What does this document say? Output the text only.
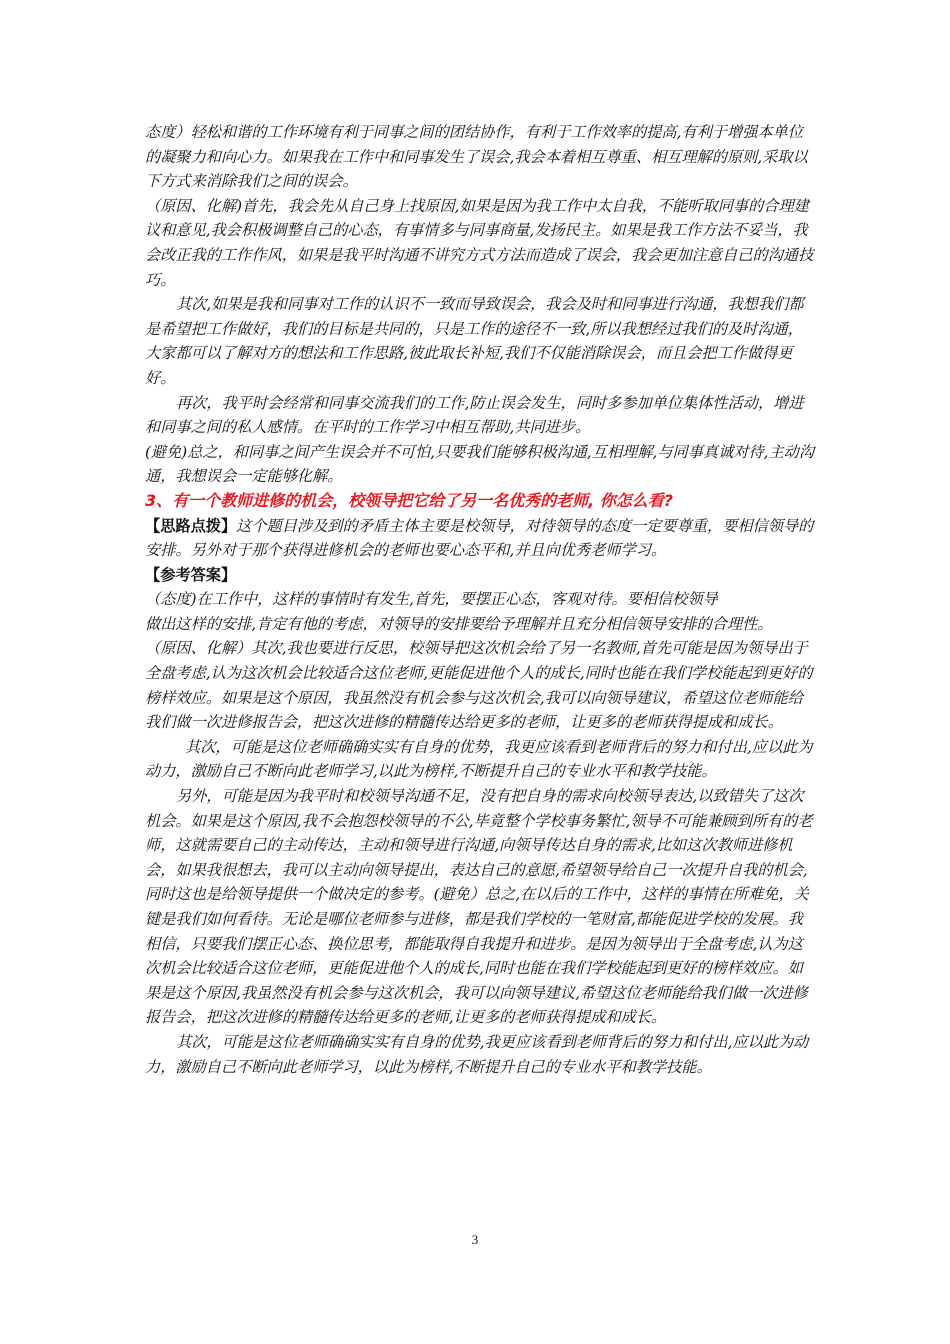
态度）轻松和谐的工作环境有利于同事之间的团结协作，有利于工作效率的提高,有利于增强本单位的凝聚力和向心力。如果我在工作中和同事发生了误会,我会本着相互尊重、相互理解的原则,采取以下方式来消除我们之间的误会。

（原因、化解)首先，我会先从自己身上找原因,如果是因为我工作中太自我，不能听取同事的合理建议和意见,我会积极调整自己的心态，有事情多与同事商量,发扬民主。如果是我工作方法不妥当，我会改正我的工作作风，如果是我平时沟通不讲究方式方法而造成了误会，我会更加注意自己的沟通技巧。

其次,如果是我和同事对工作的认识不一致而导致误会，我会及时和同事进行沟通，我想我们都是希望把工作做好，我们的目标是共同的，只是工作的途径不一致,所以我想经过我们的及时沟通，大家都可以了解对方的想法和工作思路,彼此取长补短,我们不仅能消除误会，而且会把工作做得更好。

再次，我平时会经常和同事交流我们的工作,防止误会发生，同时多参加单位集体性活动，增进和同事之间的私人感情。在平时的工作学习中相互帮助,共同进步。

(避免)总之，和同事之间产生误会并不可怕,只要我们能够积极沟通,互相理解,与同事真诚对待,主动沟通，我想误会一定能够化解。

3、有一个教师进修的机会，校领导把它给了另一名优秀的老师, 你怎么看?

【思路点拨】这个题目涉及到的矛盾主体主要是校领导，对待领导的态度一定要尊重，要相信领导的安排。另外对于那个获得进修机会的老师也要心态平和,并且向优秀老师学习。

【参考答案】

（态度)在工作中，这样的事情时有发生,首先，要摆正心态，客观对待。要相信校领导

做出这样的安排,肯定有他的考虑，对领导的安排要给予理解并且充分相信领导安排的合理性。

（原因、化解）其次,我也要进行反思，校领导把这次机会给了另一名教师,首先可能是因为领导出于全盘考虑,认为这次机会比较适合这位老师,更能促进他个人的成长,同时也能在我们学校能起到更好的榜样效应。如果是这个原因，我虽然没有机会参与这次机会,我可以向领导建议，希望这位老师能给我们做一次进修报告会，把这次进修的精髓传达给更多的老师，让更多的老师获得提成和成长。

其次，可能是这位老师确确实实有自身的优势，我更应该看到老师背后的努力和付出,应以此为动力，激励自己不断向此老师学习,以此为榜样,不断提升自己的专业水平和教学技能。

另外，可能是因为我平时和校领导沟通不足，没有把自身的需求向校领导表达,以致错失了这次机会。如果是这个原因,我不会抱怨校领导的不公,毕竟整个学校事务繁忙,领导不可能兼顾到所有的老师，这就需要自己的主动传达，主动和领导进行沟通,向领导传达自身的需求,比如这次教师进修机会，如果我很想去，我可以主动向领导提出，表达自己的意愿,希望领导给自己一次提升自我的机会,同时这也是给领导提供一个做决定的参考。(避免）总之,在以后的工作中，这样的事情在所难免，关键是我们如何看待。无论是哪位老师参与进修，都是我们学校的一笔财富,都能促进学校的发展。我相信，只要我们摆正心态、换位思考，都能取得自我提升和进步。是因为领导出于全盘考虑,认为这次机会比较适合这位老师，更能促进他个人的成长,同时也能在我们学校能起到更好的榜样效应。如果是这个原因,我虽然没有机会参与这次机会，我可以向领导建议,希望这位老师能给我们做一次进修报告会，把这次进修的精髓传达给更多的老师,让更多的老师获得提成和成长。

其次，可能是这位老师确确实实有自身的优势,我更应该看到老师背后的努力和付出,应以此为动力，激励自己不断向此老师学习，以此为榜样,不断提升自己的专业水平和教学技能。

3
